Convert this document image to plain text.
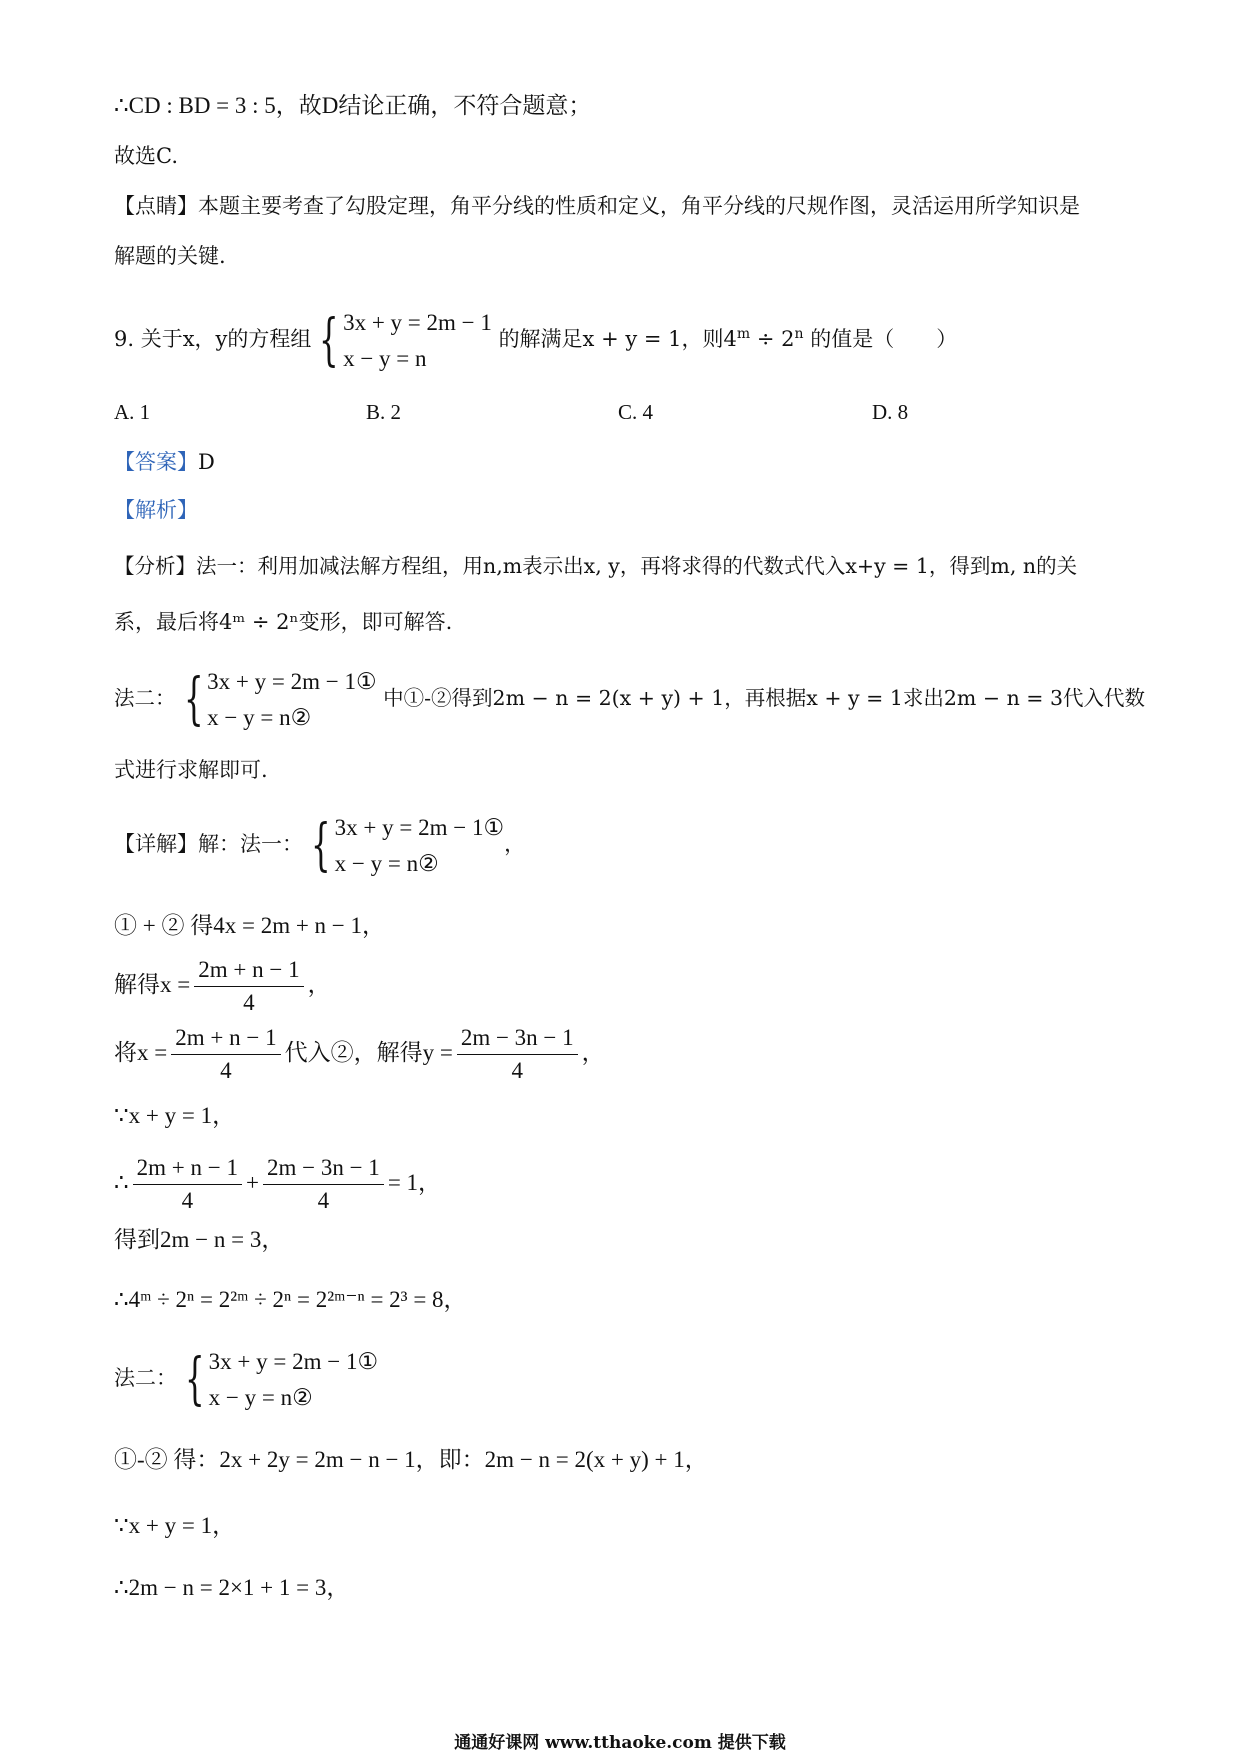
∴CD : BD = 3 : 5，故D结论正确，不符合题意；
故选C.
【点睛】本题主要考查了勾股定理，角平分线的性质和定义，角平分线的尺规作图，灵活运用所学知识是
解题的关键.
9. 关于x，y的方程组 { 3x + y = 2m − 1
x − y = n
的解满足x + y = 1，则$4^m \div 2^n$ 的值是（　　）
A. 1	B. 2	C. 4	D. 8
【答案】D
【解析】
【分析】法一：利用加减法解方程组，用n,m表示出x, y，再将求得的代数式代入x+y = 1，得到m, n的关
系，最后将4ᵐ ÷ 2ⁿ变形，即可解答.
法二： { 3x + y = 2m − 1①
x − y = n②
中①-②得到2m − n = 2(x + y) + 1，再根据x + y = 1求出2m − n = 3代入代数
式进行求解即可.
【详解】解：法一： { 3x + y = 2m − 1①
x − y = n②
，
① + ② 得4x = 2m + n − 1，
解得$x = \frac{2m + n - 1}{4}$ ，
将$x = \frac{2m + n - 1}{4}$ 代入②，解得$y = \frac{2m - 3n - 1}{4}$ ，
∵x + y = 1，
∴ $\frac{2m + n - 1}{4} + \frac{2m - 3n - 1}{4} = 1$，
得到2m − n = 3，
∴4ᵐ ÷ 2ⁿ = 2²ᵐ ÷ 2ⁿ = 2²ᵐ⁻ⁿ = 2³ = 8，
法二： { 3x + y = 2m − 1①
x − y = n②
①-② 得：2x + 2y = 2m − n − 1，即：2m − n = 2(x + y) + 1，
∵x + y = 1，
∴2m − n = 2×1 + 1 = 3，
通通好课网 www.tthaoke.com 提供下载
